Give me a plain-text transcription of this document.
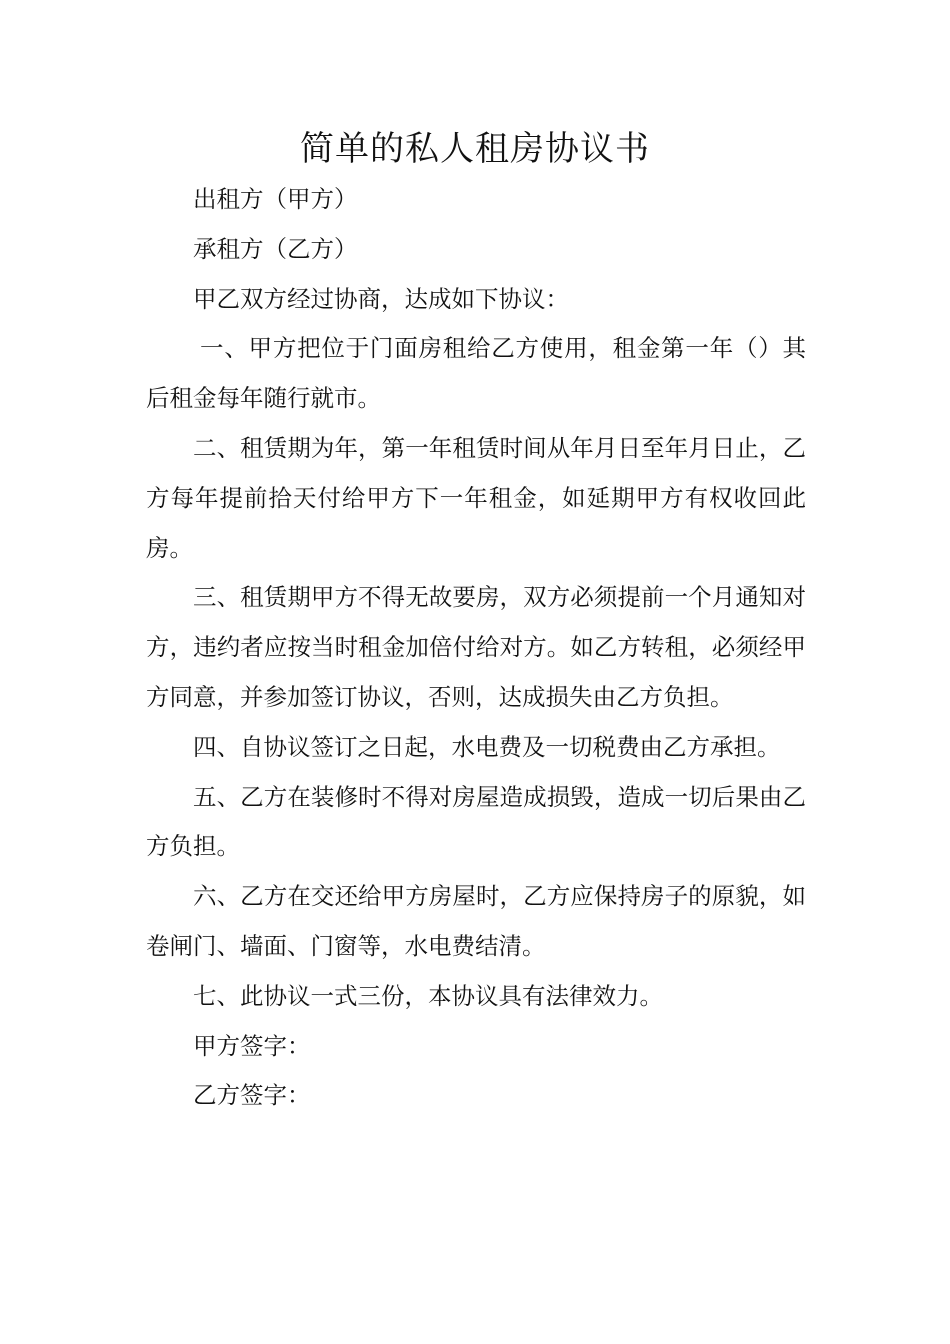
简单的私人租房协议书

出租方（甲方）

承租方（乙方）

甲乙双方经过协商，达成如下协议：

一、甲方把位于门面房租给乙方使用，租金第一年（）其后租金每年随行就市。

二、租赁期为年，第一年租赁时间从年月日至年月日止，乙方每年提前拾天付给甲方下一年租金，如延期甲方有权收回此房。

三、租赁期甲方不得无故要房，双方必须提前一个月通知对方，违约者应按当时租金加倍付给对方。如乙方转租，必须经甲方同意，并参加签订协议，否则，达成损失由乙方负担。

四、自协议签订之日起，水电费及一切税费由乙方承担。

五、乙方在装修时不得对房屋造成损毁，造成一切后果由乙方负担。

六、乙方在交还给甲方房屋时，乙方应保持房子的原貌，如卷闸门、墙面、门窗等，水电费结清。

七、此协议一式三份，本协议具有法律效力。

甲方签字：

乙方签字：
